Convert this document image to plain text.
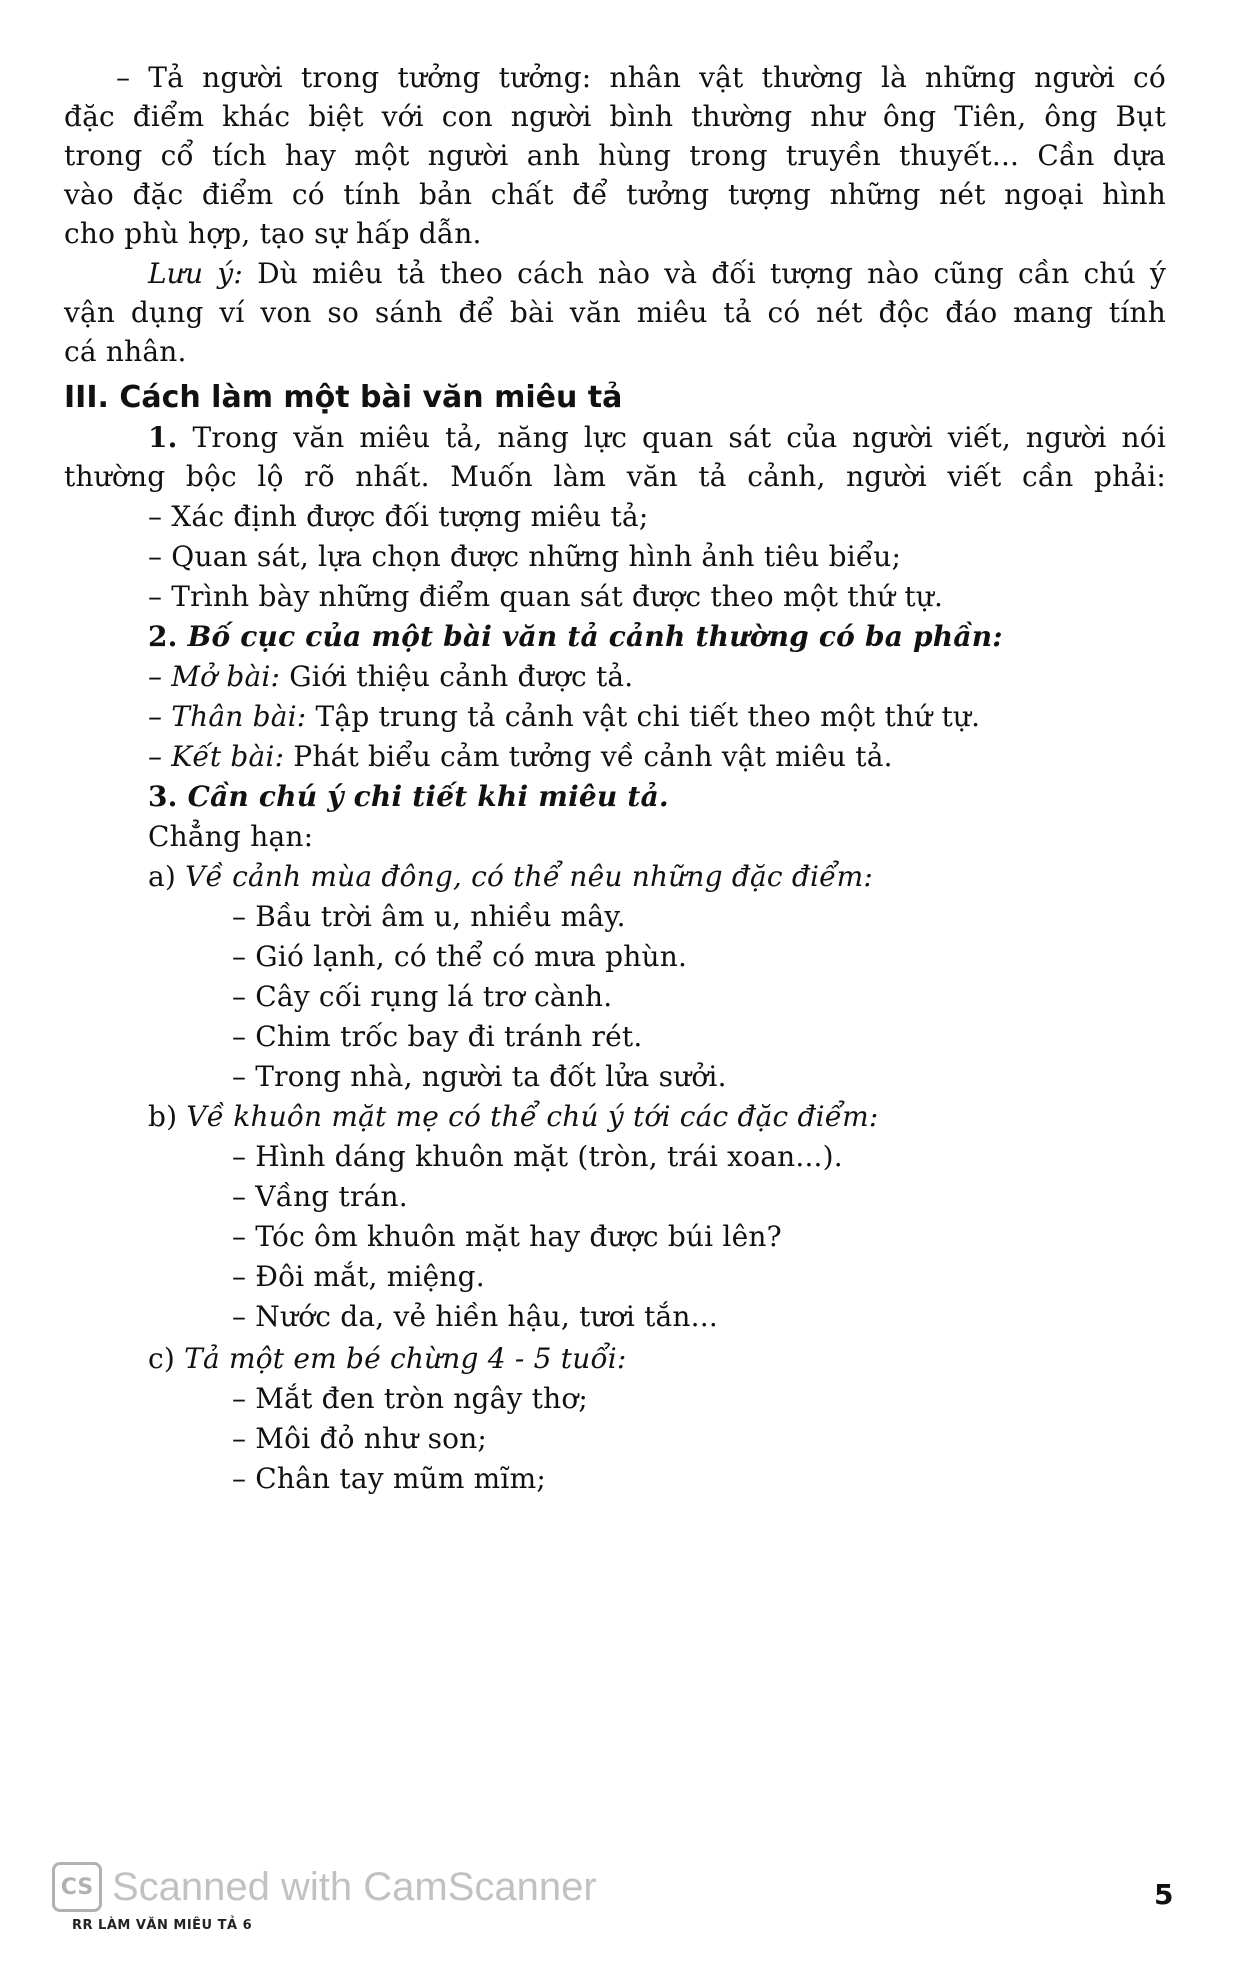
– Tả người trong tưởng tưởng: nhân vật thường là những người có
đặc điểm khác biệt với con người bình thường như ông Tiên, ông Bụt
trong cổ tích hay một người anh hùng trong truyền thuyết... Cần dựa
vào đặc điểm có tính bản chất để tưởng tượng những nét ngoại hình
cho phù hợp, tạo sự hấp dẫn.
Lưu ý: Dù miêu tả theo cách nào và đối tượng nào cũng cần chú ý
vận dụng ví von so sánh để bài văn miêu tả có nét độc đáo mang tính
cá nhân.
III. Cách làm một bài văn miêu tả
1. Trong văn miêu tả, năng lực quan sát của người viết, người nói
thường bộc lộ rõ nhất. Muốn làm văn tả cảnh, người viết cần phải:
– Xác định được đối tượng miêu tả;
– Quan sát, lựa chọn được những hình ảnh tiêu biểu;
– Trình bày những điểm quan sát được theo một thứ tự.
2. Bố cục của một bài văn tả cảnh thường có ba phần:
– Mở bài: Giới thiệu cảnh được tả.
– Thân bài: Tập trung tả cảnh vật chi tiết theo một thứ tự.
– Kết bài: Phát biểu cảm tưởng về cảnh vật miêu tả.
3. Cần chú ý chi tiết khi miêu tả.
Chẳng hạn:
a) Về cảnh mùa đông, có thể nêu những đặc điểm:
– Bầu trời âm u, nhiều mây.
– Gió lạnh, có thể có mưa phùn.
– Cây cối rụng lá trơ cành.
– Chim trốc bay đi tránh rét.
– Trong nhà, người ta đốt lửa sưởi.
b) Về khuôn mặt mẹ có thể chú ý tới các đặc điểm:
– Hình dáng khuôn mặt (tròn, trái xoan...).
– Vầng trán.
– Tóc ôm khuôn mặt hay được búi lên?
– Đôi mắt, miệng.
– Nước da, vẻ hiền hậu, tươi tắn...
c) Tả một em bé chừng 4 - 5 tuổi:
– Mắt đen tròn ngây thơ;
– Môi đỏ như son;
– Chân tay mũm mĩm;
CS Scanned with CamScanner
RR LÀM VĂN MIÊU TẢ 6
5
